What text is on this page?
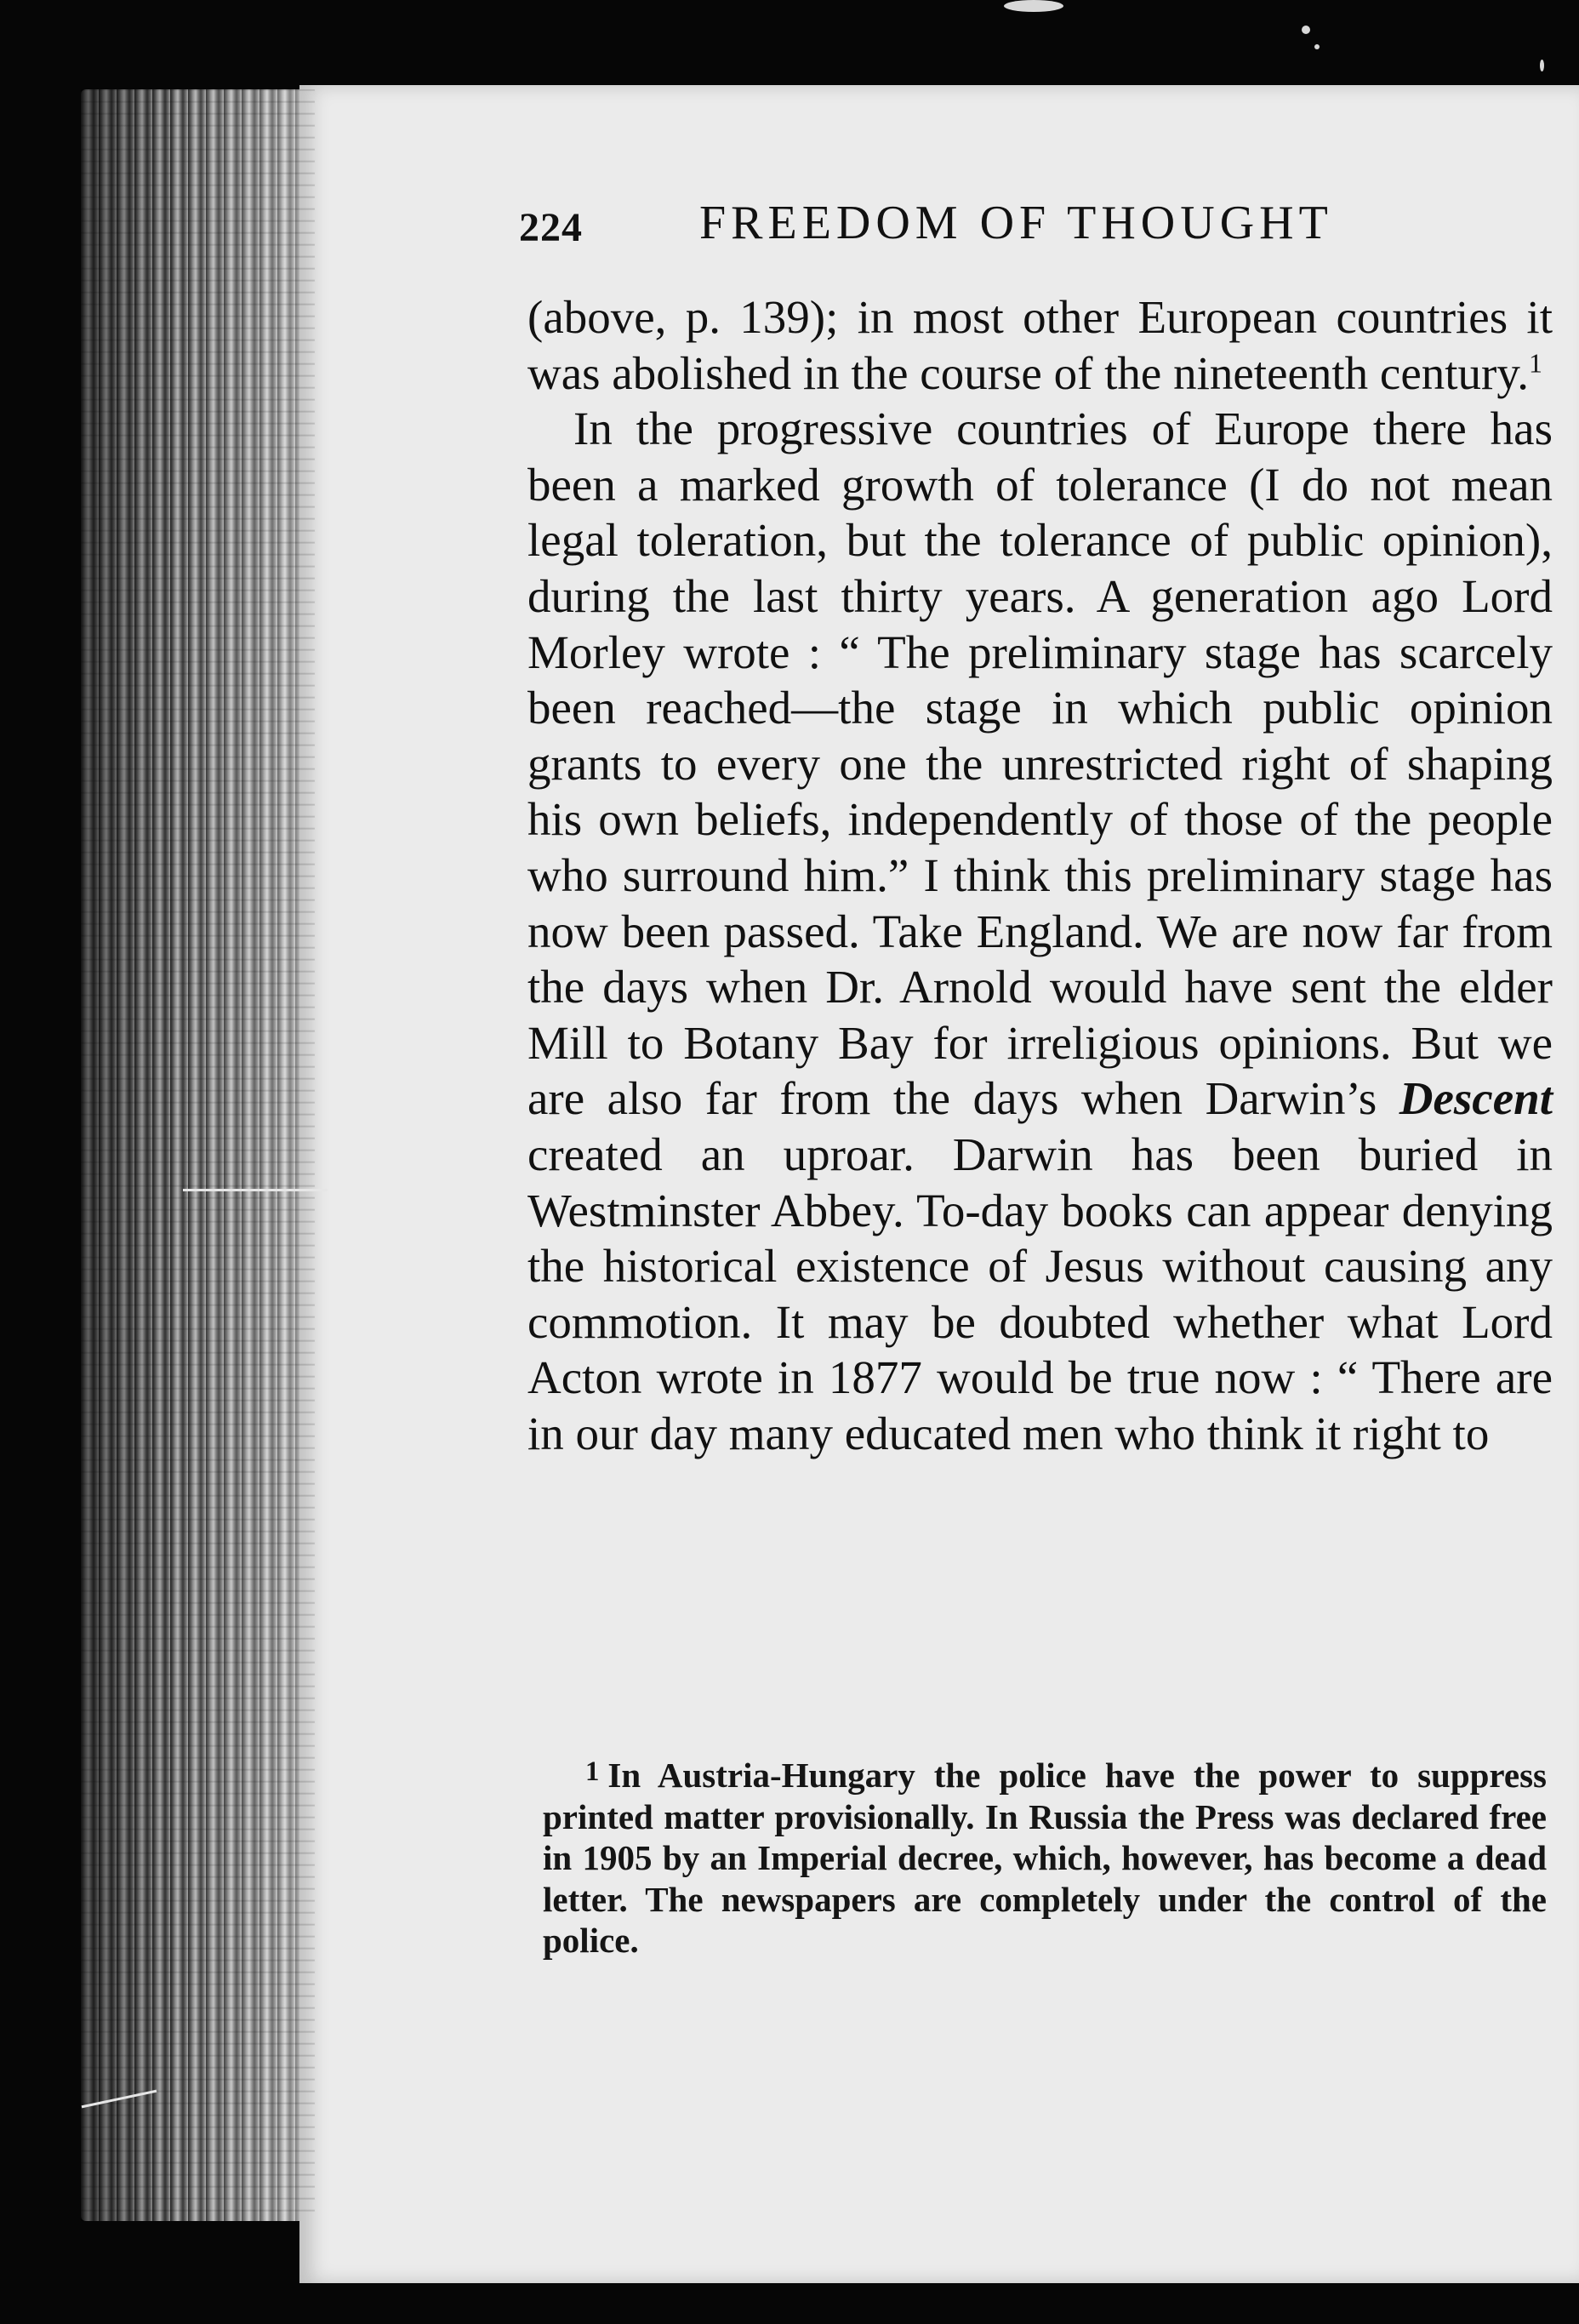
224 FREEDOM OF THOUGHT

(above, p. 139); in most other European countries it was abolished in the course of the nineteenth century.$^1$

In the progressive countries of Europe there has been a marked growth of tolerance (I do not mean legal toleration, but the tolerance of public opinion), during the last thirty years. A generation ago Lord Morley wrote : “ The preliminary stage has scarcely been reached—the stage in which public opinion grants to every one the unrestricted right of shaping his own beliefs, independently of those of the people who surround him.” I think this preliminary stage has now been passed. Take England. We are now far from the days when Dr. Arnold would have sent the elder Mill to Botany Bay for irreligious opinions. But we are also far from the days when Darwin’s Descent created an uproar. Darwin has been buried in Westminster Abbey. To-day books can appear denying the historical existence of Jesus without causing any commotion. It may be doubted whether what Lord Acton wrote in 1877 would be true now : “ There are in our day many educated men who think it right to

1 In Austria-Hungary the police have the power to suppress printed matter provisionally. In Russia the Press was declared free in 1905 by an Imperial decree, which, however, has become a dead letter. The newspapers are completely under the control of the police.
